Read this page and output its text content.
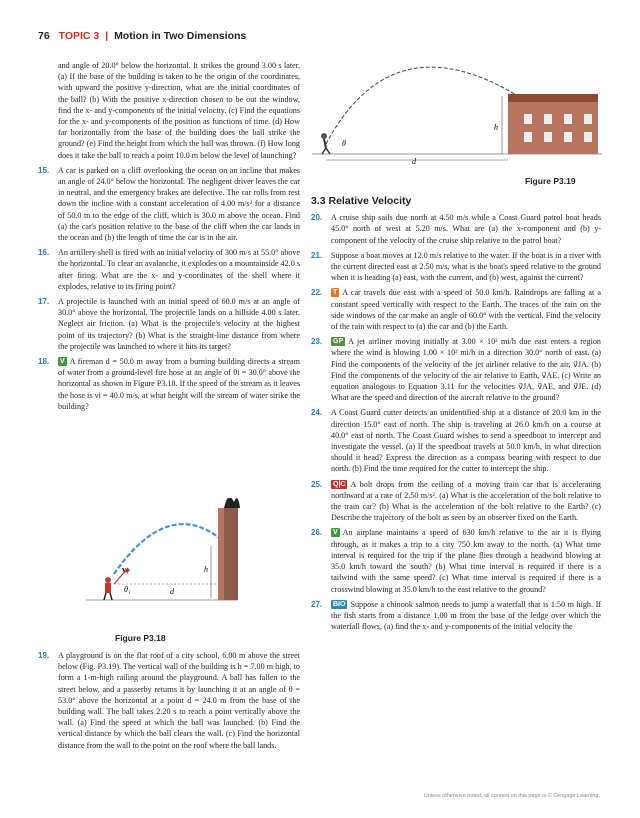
76 TOPIC 3 | Motion in Two Dimensions

and angle of 20.0° below the horizontal. It strikes the ground 3.00 s later. (a) If the base of the building is taken to be the origin of the coordinates, with upward the positive y-direction, what are the initial coordinates of the ball? (b) With the positive x-direction chosen to be out the window, find the x- and y-components of the initial velocity. (c) Find the equations for the x- and y-components of the position as functions of time. (d) How far horizontally from the base of the building does the ball strike the ground? (e) Find the height from which the ball was thrown. (f) How long does it take the ball to reach a point 10.0 m below the level of launching?

15. A car is parked on a cliff overlooking the ocean on an incline that makes an angle of 24.0° below the horizontal. The negligent driver leaves the car in neutral, and the emergency brakes are defective. The car rolls from rest down the incline with a constant acceleration of 4.00 m/s² for a distance of 50.0 m to the edge of the cliff, which is 30.0 m above the ocean. Find (a) the car's position relative to the base of the cliff when the car lands in the ocean and (b) the length of time the car is in the air.

16. An artillery shell is fired with an initial velocity of 300 m/s at 55.0° above the horizontal. To clear an avalanche, it explodes on a mountainside 42.0 s after firing. What are the x- and y-coordinates of the shell where it explodes, relative to its firing point?

17. A projectile is launched with an initial speed of 60.0 m/s at an angle of 30.0° above the horizontal. The projectile lands on a hillside 4.00 s later. Neglect air friction. (a) What is the projectile's velocity at the highest point of its trajectory? (b) What is the straight-line distance from where the projectile was launched to where it hits its target?

18. V A fireman d = 50.0 m away from a burning building directs a stream of water from a ground-level fire hose at an angle of θi = 30.0° above the horizontal as shown in Figure P3.18. If the speed of the stream as it leaves the hose is vi = 40.0 m/s, at what height will the stream of water strike the building?

h
v i
θ i	d
Figure P3.18

19. A playground is on the flat roof of a city school, 6.00 m above the street below (Fig. P3.19). The vertical wall of the building is h = 7.00 m high, to form a 1-m-high railing around the playground. A ball has fallen to the street below, and a passerby returns it by launching it at an angle of θ = 53.0° above the horizontal at a point d = 24.0 m from the base of the building wall. The ball takes 2.20 s to reach a point vertically above the wall. (a) Find the speed at which the ball was launched. (b) Find the vertical distance by which the ball clears the wall. (c) Find the horizontal distance from the wall to the point on the roof where the ball lands.

h
θ
d
Figure P3.19
3.3 Relative Velocity

20. A cruise ship sails due north at 4.50 m/s while a Coast Guard patrol boat heads 45.0° north of west at 5.20 m/s. What are (a) the x-component and (b) y-component of the velocity of the cruise ship relative to the patrol boat?

21. Suppose a boat moves at 12.0 m/s relative to the water. If the boat is in a river with the current directed east at 2.50 m/s, what is the boat's speed relative to the ground when it is heading (a) east, with the current, and (b) west, against the current?

22. T A car travels due east with a speed of 50.0 km/h. Raindrops are falling at a constant speed vertically with respect to the Earth. The traces of the rain on the side windows of the car make an angle of 60.0° with the vertical. Find the velocity of the rain with respect to (a) the car and (b) the Earth.

23. GP A jet airliner moving initially at 3.00 × 10² mi/h due east enters a region where the wind is blowing 1.00 × 10² mi/h in a direction 30.0° north of east. (a) Find the components of the velocity of the jet airliner relative to the air, v⃗JA. (b) Find the components of the velocity of the air relative to Earth, v⃗AE. (c) Write an equation analogous to Equation 3.11 for the velocities v⃗JA, v⃗AE, and v⃗JE. (d) What are the speed and direction of the aircraft relative to the ground?

24. A Coast Guard cutter detects an unidentified ship at a distance of 20.0 km in the direction 15.0° east of north. The ship is traveling at 26.0 km/h on a course at 40.0° east of north. The Coast Guard wishes to send a speedboat to intercept and investigate the vessel. (a) If the speedboat travels at 50.0 km/h, in what direction should it head? Express the direction as a compass bearing with respect to due north. (b) Find the time required for the cutter to intercept the ship.

25. Q|C A bolt drops from the ceiling of a moving train car that is accelerating northward at a rate of 2.50 m/s². (a) What is the acceleration of the bolt relative to the train car? (b) What is the acceleration of the bolt relative to the Earth? (c) Describe the trajectory of the bolt as seen by an observer fixed on the Earth.

26. V An airplane maintains a speed of 630 km/h relative to the air it is flying through, as it makes a trip to a city 750 km away to the north. (a) What time interval is required for the trip if the plane flies through a headwind blowing at 35.0 km/h toward the south? (b) What time interval is required if there is a tailwind with the same speed? (c) What time interval is required if there is a crosswind blowing at 35.0 km/h to the east relative to the ground?

27. BIO Suppose a chinook salmon needs to jump a waterfall that is 1.50 m high. If the fish starts from a distance 1.00 m from the base of the ledge over which the waterfall flows, (a) find the x- and y-components of the initial velocity the

Unless otherwise noted, all content on this page is © Cengage Learning.
